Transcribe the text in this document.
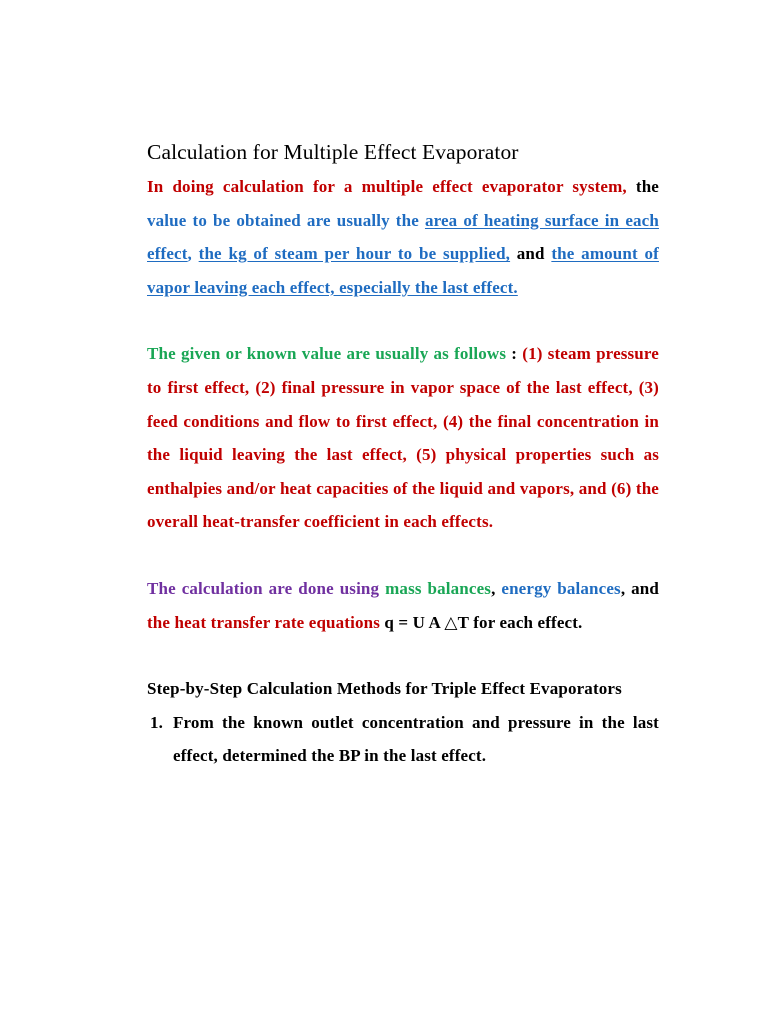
Calculation for Multiple Effect Evaporator

In doing calculation for a multiple effect evaporator system, the value to be obtained are usually the area of heating surface in each effect, the kg of steam per hour to be supplied, and the amount of vapor leaving each effect, especially the last effect.

The given or known value are usually as follows : (1) steam pressure to first effect, (2) final pressure in vapor space of the last effect, (3) feed conditions and flow to first effect, (4) the final concentration in the liquid leaving the last effect, (5) physical properties such as enthalpies and/or heat capacities of the liquid and vapors, and (6) the overall heat-transfer coefficient in each effects.

The calculation are done using mass balances, energy balances, and the heat transfer rate equations q = U A △T for each effect.

Step-by-Step Calculation Methods for Triple Effect Evaporators

1. From the known outlet concentration and pressure in the last effect, determined the BP in the last effect.
